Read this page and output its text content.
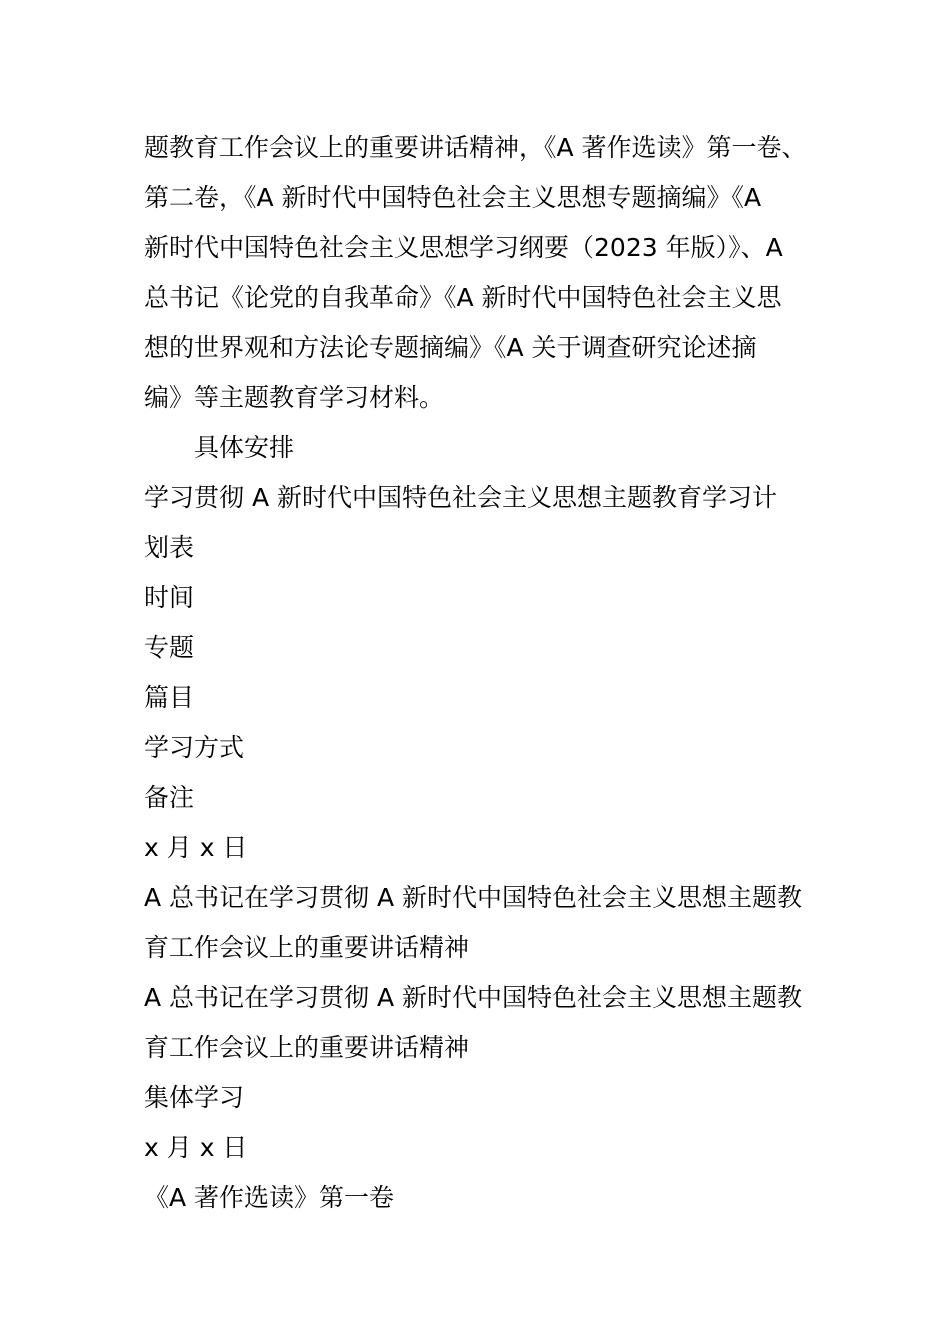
题教育工作会议上的重要讲话精神，《A 著作选读》第一卷、
第二卷，《A 新时代中国特色社会主义思想专题摘编》《A
新时代中国特色社会主义思想学习纲要（2023 年版）》、A
总书记《论党的自我革命》《A 新时代中国特色社会主义思
想的世界观和方法论专题摘编》《A 关于调查研究论述摘
编》等主题教育学习材料。
具体安排
学习贯彻 A 新时代中国特色社会主义思想主题教育学习计
划表
时间
专题
篇目
学习方式
备注
x 月 x 日
A 总书记在学习贯彻 A 新时代中国特色社会主义思想主题教
育工作会议上的重要讲话精神
A 总书记在学习贯彻 A 新时代中国特色社会主义思想主题教
育工作会议上的重要讲话精神
集体学习
x 月 x 日
《A 著作选读》第一卷
